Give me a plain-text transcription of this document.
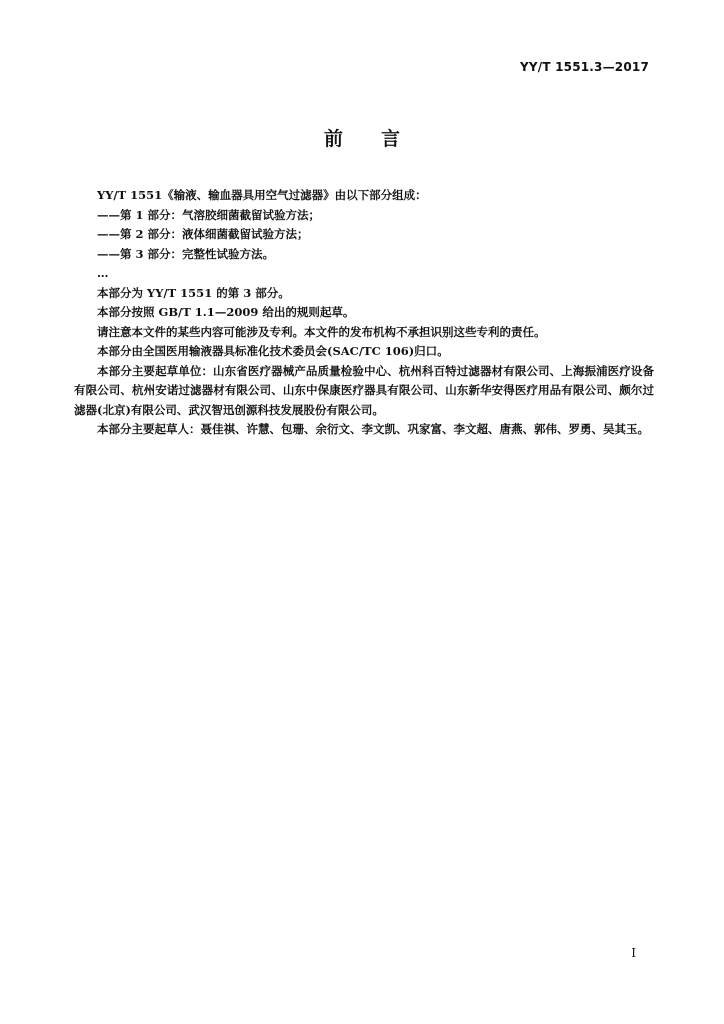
YY/T 1551.3—2017
前言

YY/T 1551《输液、输血器具用空气过滤器》由以下部分组成：

——第 1 部分：气溶胶细菌截留试验方法；

——第 2 部分：液体细菌截留试验方法；

——第 3 部分：完整性试验方法。

…

本部分为 YY/T 1551 的第 3 部分。

本部分按照 GB/T 1.1—2009 给出的规则起草。

请注意本文件的某些内容可能涉及专利。本文件的发布机构不承担识别这些专利的责任。

本部分由全国医用输液器具标准化技术委员会(SAC/TC 106)归口。

本部分主要起草单位：山东省医疗器械产品质量检验中心、杭州科百特过滤器材有限公司、上海振浦医疗设备有限公司、杭州安诺过滤器材有限公司、山东中保康医疗器具有限公司、山东新华安得医疗用品有限公司、颇尔过滤器(北京)有限公司、武汉智迅创源科技发展股份有限公司。

本部分主要起草人：聂佳祺、许慧、包珊、余衍文、李文凯、巩家富、李文超、唐燕、郭伟、罗勇、吴其玉。

I
